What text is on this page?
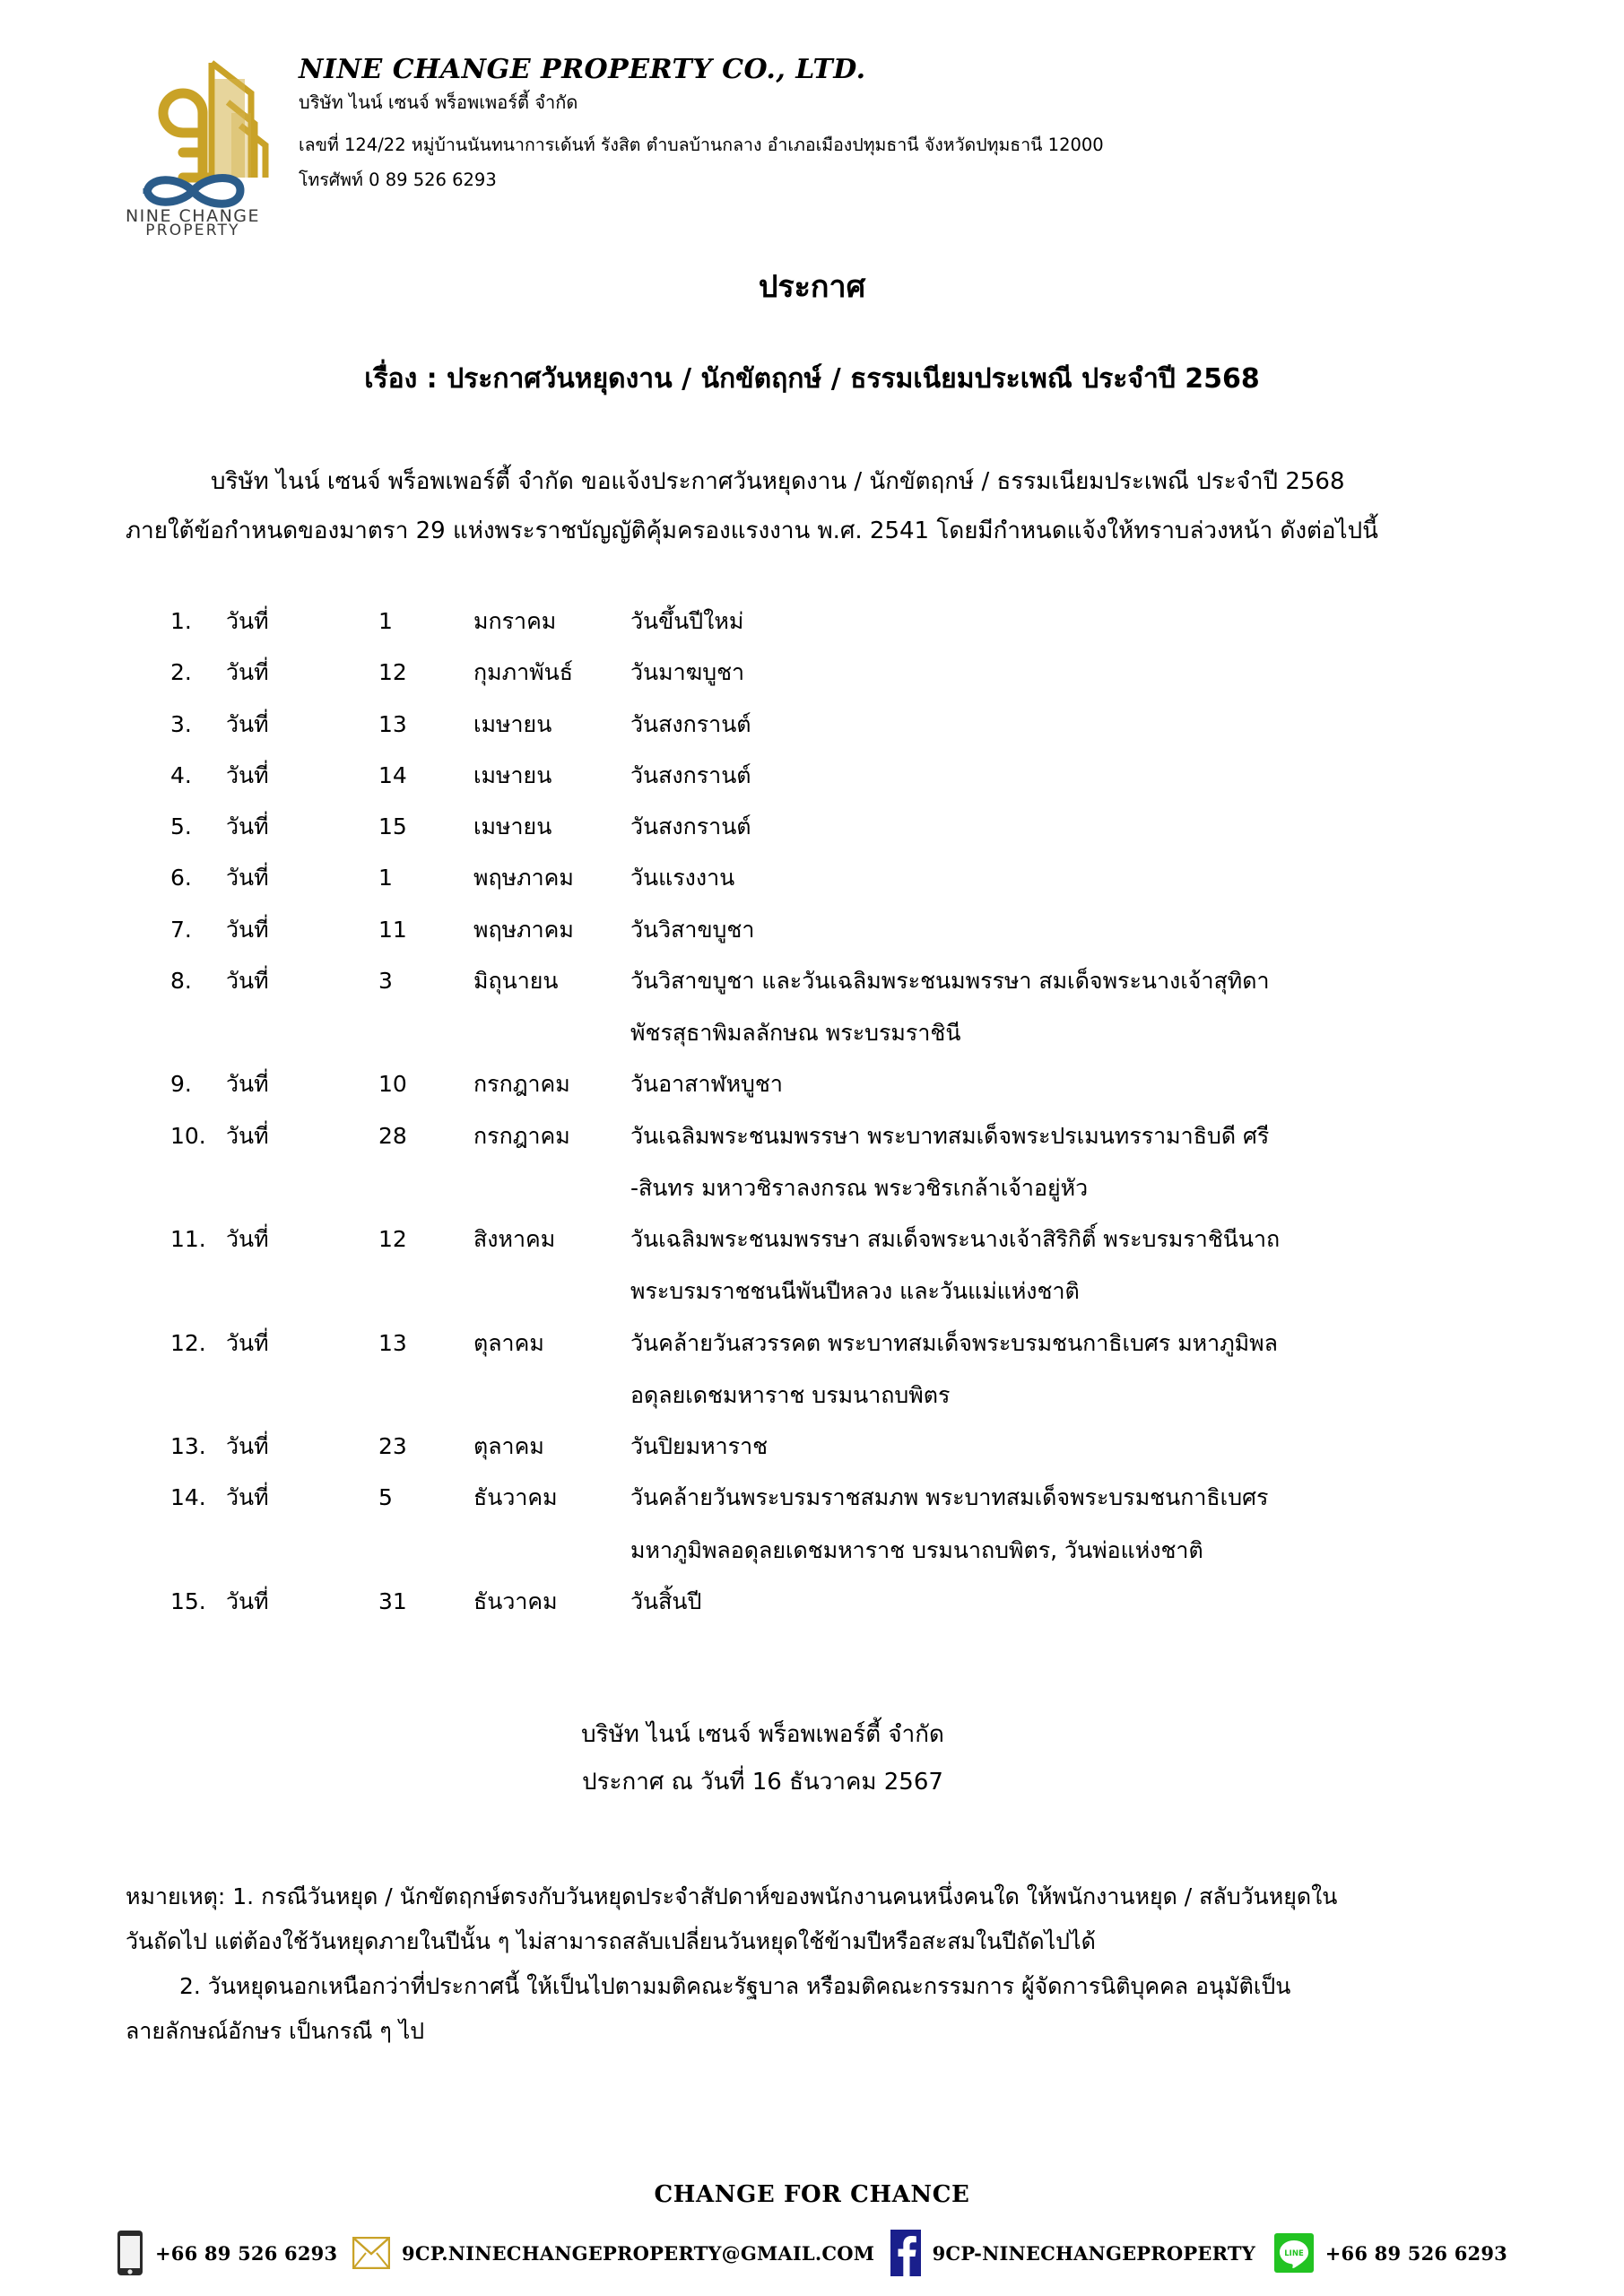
NINE CHANGE
PROPERTY
NINE CHANGE PROPERTY CO., LTD.
บริษัท ไนน์ เซนจ์ พร็อพเพอร์ตี้ จำกัด
เลขที่ 124/22 หมู่บ้านนันทนาการเด้นท์ รังสิต ตำบลบ้านกลาง อำเภอเมืองปทุมธานี จังหวัดปทุมธานี 12000
โทรศัพท์ 0 89 526 6293
ประกาศ
เรื่อง : ประกาศวันหยุดงาน / นักขัตฤกษ์ / ธรรมเนียมประเพณี ประจำปี 2568
บริษัท ไนน์ เซนจ์ พร็อพเพอร์ตี้ จำกัด ขอแจ้งประกาศวันหยุดงาน / นักขัตฤกษ์ / ธรรมเนียมประเพณี ประจำปี 2568
ภายใต้ข้อกำหนดของมาตรา 29 แห่งพระราชบัญญัติคุ้มครองแรงงาน พ.ศ. 2541 โดยมีกำหนดแจ้งให้ทราบล่วงหน้า ดังต่อไปนี้
1.	วันที่	1	มกราคม	วันขึ้นปีใหม่
2.	วันที่	12	กุมภาพันธ์	วันมาฆบูชา
3.	วันที่	13	เมษายน	วันสงกรานต์
4.	วันที่	14	เมษายน	วันสงกรานต์
5.	วันที่	15	เมษายน	วันสงกรานต์
6.	วันที่	1	พฤษภาคม	วันแรงงาน
7.	วันที่	11	พฤษภาคม	วันวิสาขบูชา
8.	วันที่	3	มิถุนายน	วันวิสาขบูชา และวันเฉลิมพระชนมพรรษา สมเด็จพระนางเจ้าสุทิดา
พัชรสุธาพิมลลักษณ พระบรมราชินี
9.	วันที่	10	กรกฎาคม	วันอาสาฬหบูชา
10. วันที่	28	กรกฎาคม	วันเฉลิมพระชนมพรรษา พระบาทสมเด็จพระปรเมนทรรามาธิบดี ศรี
-สินทร มหาวชิราลงกรณ พระวชิรเกล้าเจ้าอยู่หัว
11. วันที่	12	สิงหาคม	วันเฉลิมพระชนมพรรษา สมเด็จพระนางเจ้าสิริกิติ์ พระบรมราชินีนาถ
พระบรมราชชนนีพันปีหลวง และวันแม่แห่งชาติ
12. วันที่	13	ตุลาคม	วันคล้ายวันสวรรคต พระบาทสมเด็จพระบรมชนกาธิเบศร มหาภูมิพล
อดุลยเดชมหาราช บรมนาถบพิตร
13. วันที่	23	ตุลาคม	วันปิยมหาราช
14. วันที่	5	ธันวาคม	วันคล้ายวันพระบรมราชสมภพ พระบาทสมเด็จพระบรมชนกาธิเบศร
มหาภูมิพลอดุลยเดชมหาราช บรมนาถบพิตร, วันพ่อแห่งชาติ
15. วันที่	31	ธันวาคม	วันสิ้นปี
บริษัท ไนน์ เซนจ์ พร็อพเพอร์ตี้ จำกัด
ประกาศ ณ วันที่ 16 ธันวาคม 2567
หมายเหตุ: 1. กรณีวันหยุด / นักขัตฤกษ์ตรงกับวันหยุดประจำสัปดาห์ของพนักงานคนหนึ่งคนใด ให้พนักงานหยุด / สลับวันหยุดใน
วันถัดไป แต่ต้องใช้วันหยุดภายในปีนั้น ๆ ไม่สามารถสลับเปลี่ยนวันหยุดใช้ข้ามปีหรือสะสมในปีถัดไปได้
2. วันหยุดนอกเหนือกว่าที่ประกาศนี้ ให้เป็นไปตามมติคณะรัฐบาล หรือมติคณะกรรมการ ผู้จัดการนิติบุคคล อนุมัติเป็น
ลายลักษณ์อักษร เป็นกรณี ๆ ไป
CHANGE FOR CHANCE
+66 89 526 6293	9CP.NINECHANGEPROPERTY@GMAIL.COM	9CP-NINECHANGEPROPERTY	LINE +66 89 526 6293
